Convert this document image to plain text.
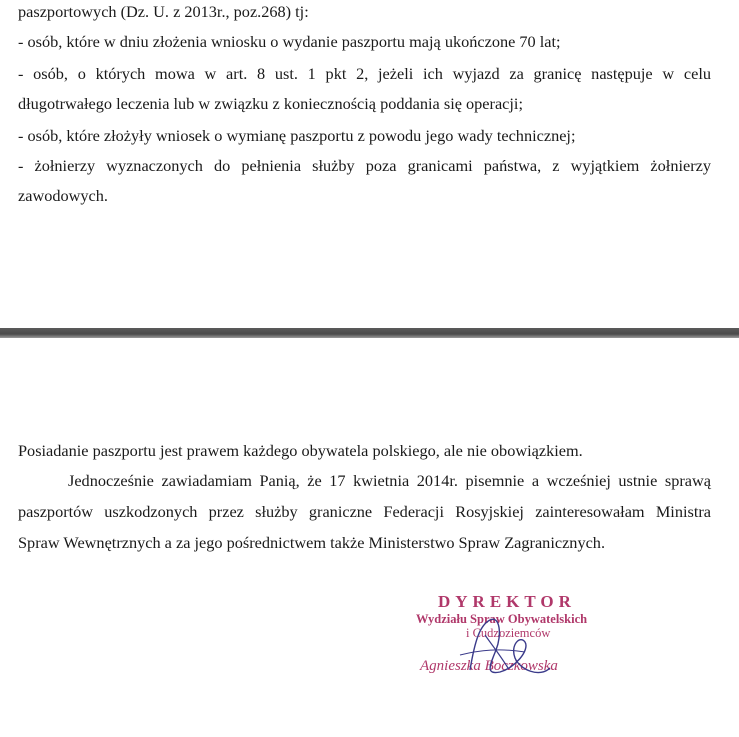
paszportowych (Dz. U. z 2013r., poz.268) tj:
- osób, które w dniu złożenia wniosku o wydanie paszportu mają ukończone 70 lat;
- osób, o których mowa w art. 8 ust. 1 pkt 2, jeżeli ich wyjazd za granicę następuje w celu
długotrwałego leczenia lub w związku z koniecznością poddania się operacji;
- osób, które złożyły wniosek o wymianę paszportu z powodu jego wady technicznej;
- żołnierzy wyznaczonych do pełnienia służby poza granicami państwa, z wyjątkiem żołnierzy
zawodowych.
Posiadanie paszportu jest prawem każdego obywatela polskiego, ale nie obowiązkiem.
Jednocześnie zawiadamiam Panią, że 17 kwietnia 2014r. pisemnie a wcześniej ustnie sprawą
paszportów uszkodzonych przez służby graniczne Federacji Rosyjskiej zainteresowałam Ministra
Spraw Wewnętrznych a za jego pośrednictwem także Ministerstwo Spraw Zagranicznych.
DYREKTOR
Wydziału Spraw Obywatelskich
i Cudzoziemców
Agnieszka Boczkowska
